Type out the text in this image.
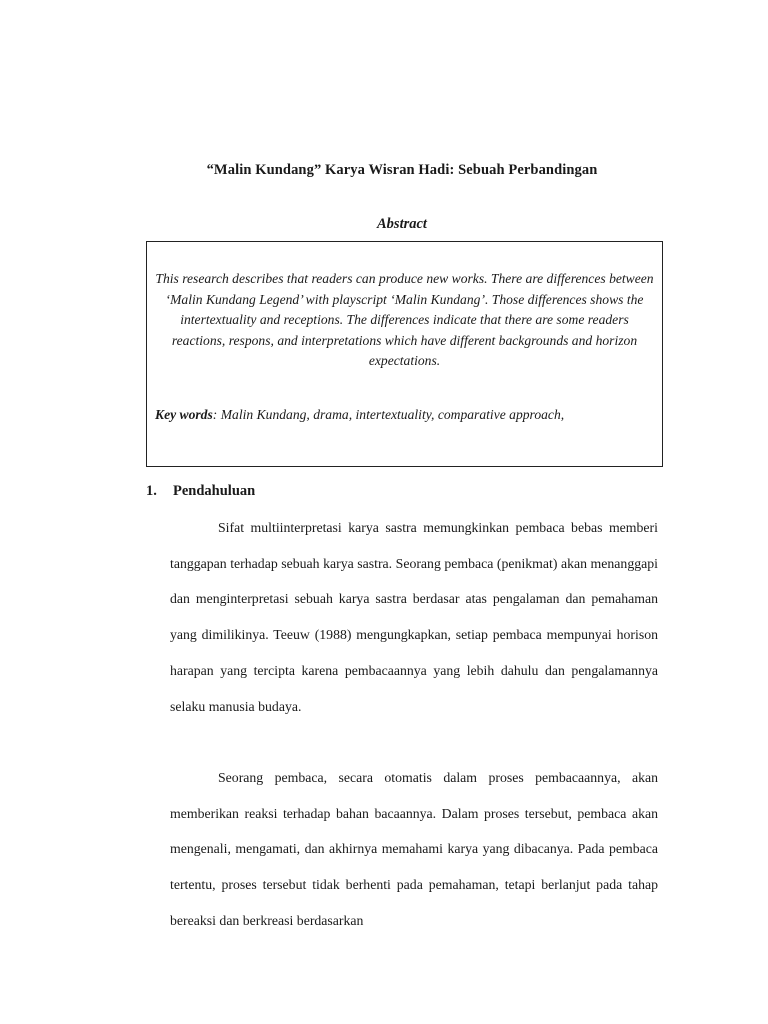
“Malin Kundang” Karya Wisran Hadi: Sebuah Perbandingan
Abstract
This research describes that readers can produce new works. There are differences between ‘Malin Kundang Legend’ with playscript ‘Malin Kundang’. Those differences shows the intertextuality and receptions. The differences indicate that there are some readers reactions, respons, and interpretations which have different backgrounds and horizon expectations.
Key words: Malin Kundang, drama, intertextuality, comparative approach,
1. Pendahuluan

Sifat multiinterpretasi karya sastra memungkinkan pembaca bebas memberi tanggapan terhadap sebuah karya sastra. Seorang pembaca (penikmat) akan menanggapi dan menginterpretasi sebuah karya sastra berdasar atas pengalaman dan pemahaman yang dimilikinya. Teeuw (1988) mengungkapkan, setiap pembaca mempunyai horison harapan yang tercipta karena pembacaannya yang lebih dahulu dan pengalamannya selaku manusia budaya.

Seorang pembaca, secara otomatis dalam proses pembacaannya, akan memberikan reaksi terhadap bahan bacaannya. Dalam proses tersebut, pembaca akan mengenali, mengamati, dan akhirnya memahami karya yang dibacanya. Pada pembaca tertentu, proses tersebut tidak berhenti pada pemahaman, tetapi berlanjut pada tahap bereaksi dan berkreasi berdasarkan
